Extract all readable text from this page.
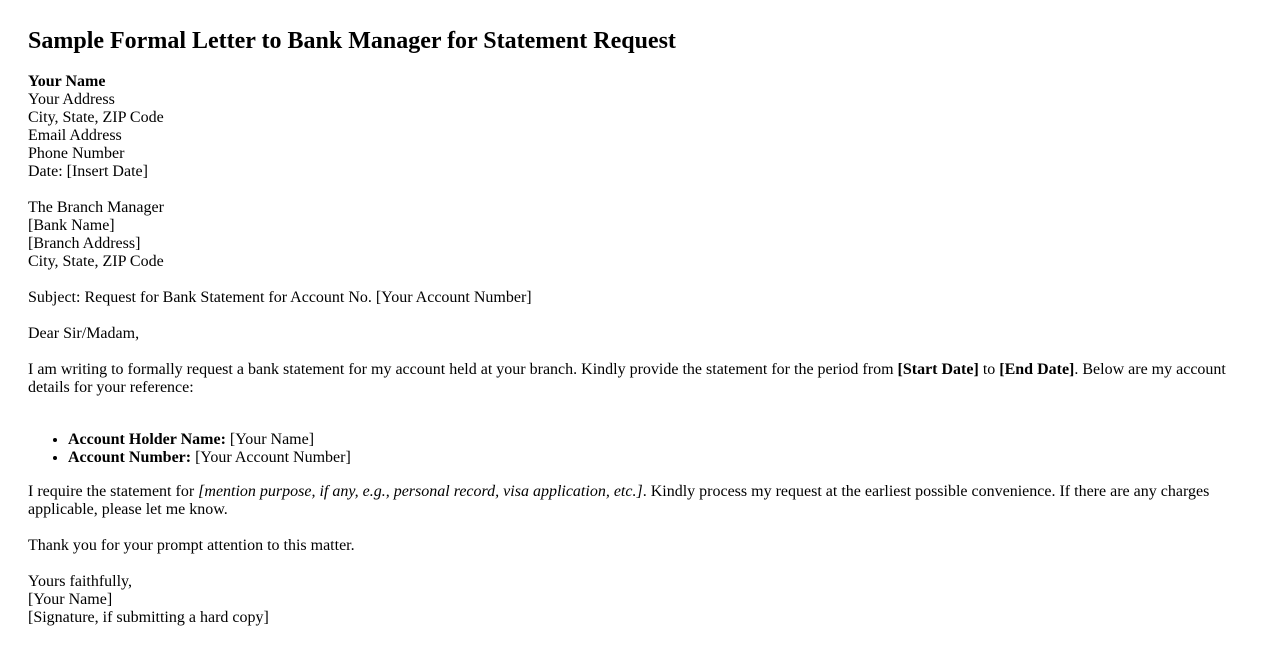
Sample Formal Letter to Bank Manager for Statement Request
Your Name
Your Address
City, State, ZIP Code
Email Address
Phone Number
Date: [Insert Date]
The Branch Manager
[Bank Name]
[Branch Address]
City, State, ZIP Code

Subject: Request for Bank Statement for Account No. [Your Account Number]

Dear Sir/Madam,

I am writing to formally request a bank statement for my account held at your branch. Kindly provide the statement for the period from [Start Date] to [End Date]. Below are my account details for your reference:

• Account Holder Name: [Your Name]
• Account Number: [Your Account Number]

I require the statement for [mention purpose, if any, e.g., personal record, visa application, etc.]. Kindly process my request at the earliest possible convenience. If there are any charges applicable, please let me know.

Thank you for your prompt attention to this matter.

Yours faithfully,
[Your Name]
[Signature, if submitting a hard copy]
